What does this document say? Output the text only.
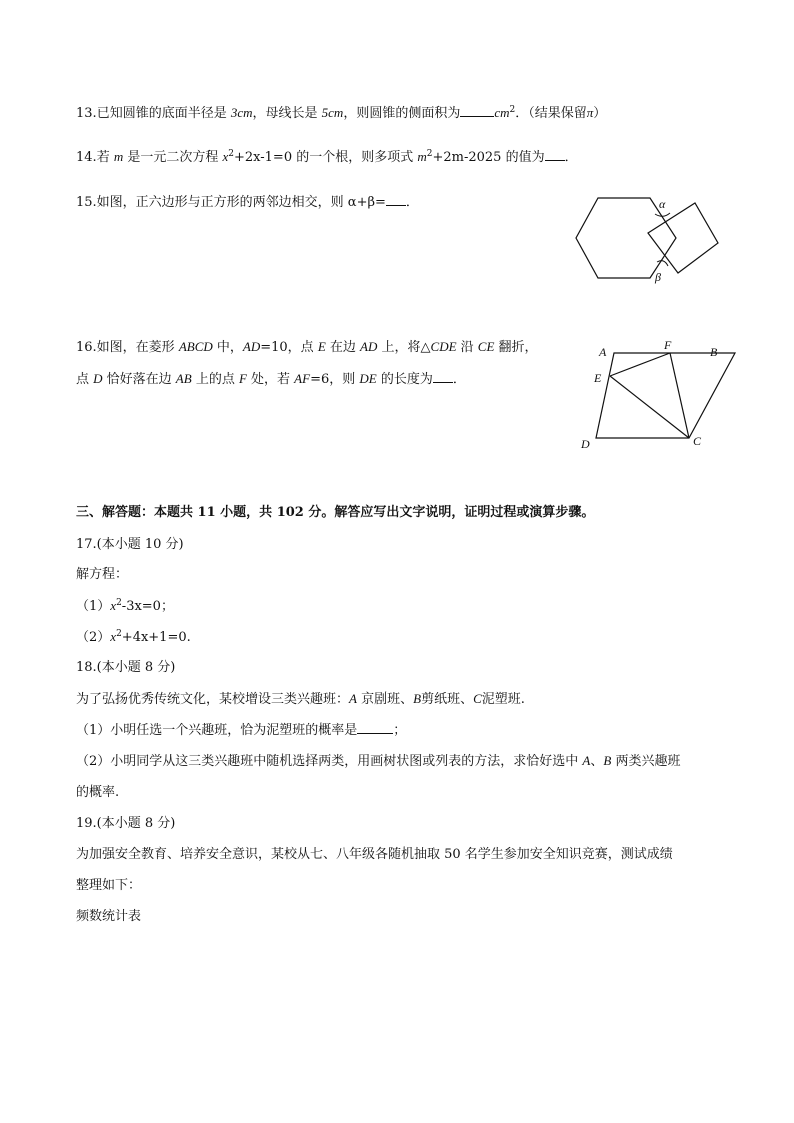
13.已知圆锥的底面半径是 3cm，母线长是 5cm，则圆锥的侧面积为	$cm^2$．（结果保留π）
14.若 m 是一元二次方程 $x^2+2x-1=0$ 的一个根，则多项式 $m^2+2m-2025$ 的值为 ．
15.如图，正六边形与正方形的两邻边相交，则 α+β= ．	α
β
16.如图，在菱形 ABCD 中，AD=10，点 E 在边 AD 上，将△CDE 沿 CE 翻折，
点 D 恰好落在边 AB 上的点 F 处，若 AF=6，则 DE 的长度为 ．
A	F	B
E
D	C
三、解答题：本题共 11 小题，共 102 分。解答应写出文字说明，证明过程或演算步骤。
17.(本小题 10 分)
解方程：
$(1)x^2-3x=0$；
$(2)x^2+4x+1=0$.
18.(本小题 8 分)
为了弘扬优秀传统文化，某校增设三类兴趣班：A 京剧班、B剪纸班、C泥塑班.
（1）小明任选一个兴趣班，恰为泥塑班的概率是	；
（2）小明同学从这三类兴趣班中随机选择两类，用画树状图或列表的方法，求恰好选中 A、B 两类兴趣班
的概率.
19.(本小题 8 分)
为加强安全教育、培养安全意识，某校从七、八年级各随机抽取 50 名学生参加安全知识竞赛，测试成绩
整理如下：
频数统计表
